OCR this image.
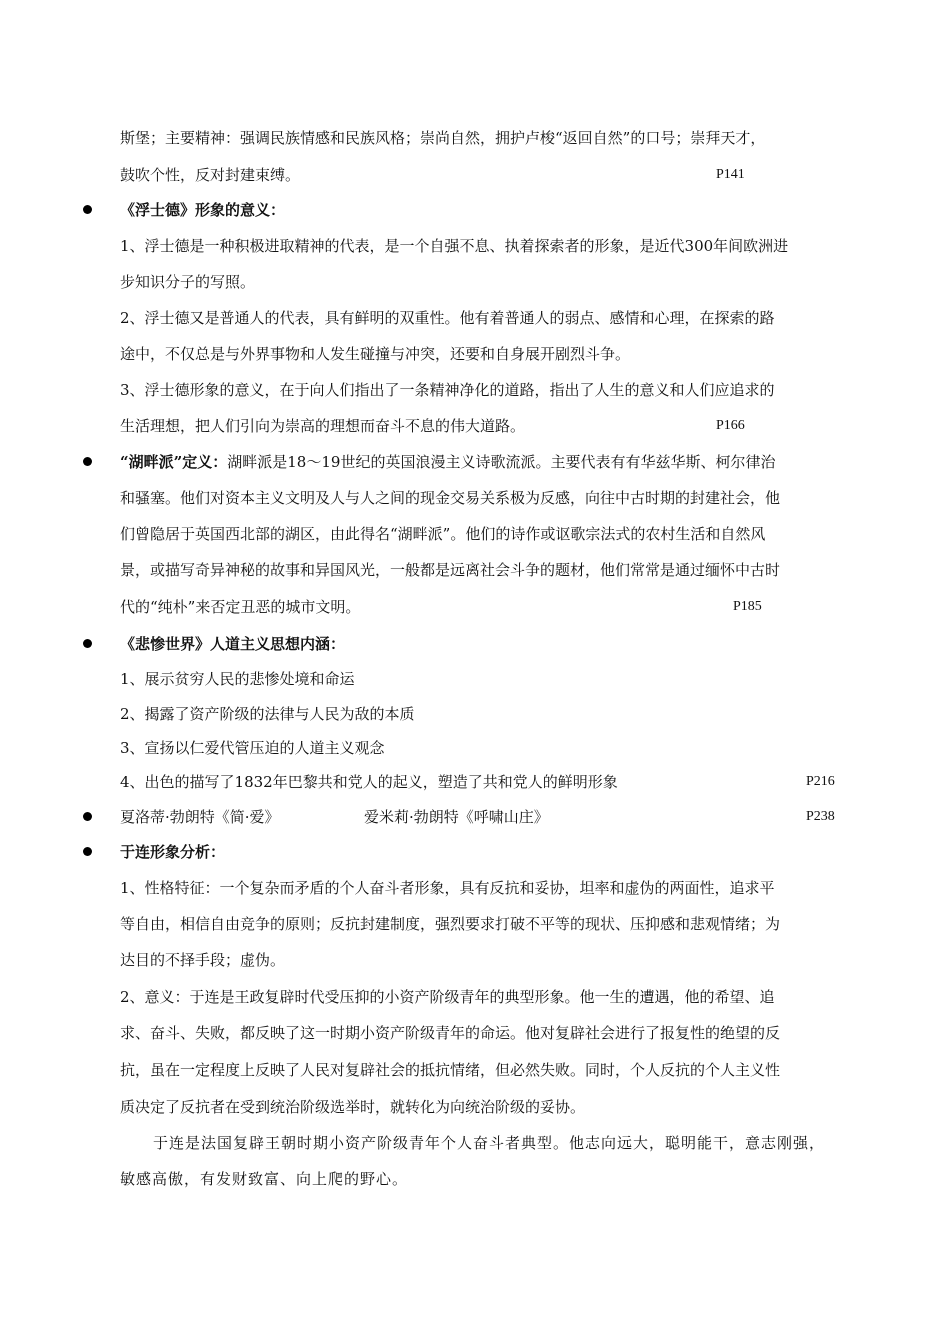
斯堡；主要精神：强调民族情感和民族风格；崇尚自然，拥护卢梭“返回自然”的口号；崇拜天才，
鼓吹个性，反对封建束缚。	P141
《浮士德》形象的意义：
1、浮士德是一种积极进取精神的代表，是一个自强不息、执着探索者的形象，是近代300年间欧洲进
步知识分子的写照。
2、浮士德又是普通人的代表，具有鲜明的双重性。他有着普通人的弱点、感情和心理，在探索的路
途中，不仅总是与外界事物和人发生碰撞与冲突，还要和自身展开剧烈斗争。
3、浮士德形象的意义，在于向人们指出了一条精神净化的道路，指出了人生的意义和人们应追求的
生活理想，把人们引向为崇高的理想而奋斗不息的伟大道路。	P166
“湖畔派”定义：湖畔派是18～19世纪的英国浪漫主义诗歌流派。主要代表有有华兹华斯、柯尔律治
和骚塞。他们对资本主义文明及人与人之间的现金交易关系极为反感，向往中古时期的封建社会，他
们曾隐居于英国西北部的湖区，由此得名“湖畔派”。他们的诗作或讴歌宗法式的农村生活和自然风
景，或描写奇异神秘的故事和异国风光，一般都是远离社会斗争的题材，他们常常是通过缅怀中古时
代的“纯朴”来否定丑恶的城市文明。	P185
《悲惨世界》人道主义思想内涵：
1、展示贫穷人民的悲惨处境和命运
2、揭露了资产阶级的法律与人民为敌的本质
3、宣扬以仁爱代管压迫的人道主义观念
4、出色的描写了1832年巴黎共和党人的起义，塑造了共和党人的鲜明形象	P216
夏洛蒂·勃朗特《简·爱》	爱米莉·勃朗特《呼啸山庄》	P238
于连形象分析：
1、性格特征：一个复杂而矛盾的个人奋斗者形象，具有反抗和妥协，坦率和虚伪的两面性，追求平
等自由，相信自由竞争的原则；反抗封建制度，强烈要求打破不平等的现状、压抑感和悲观情绪；为
达目的不择手段；虚伪。
2、意义：于连是王政复辟时代受压抑的小资产阶级青年的典型形象。他一生的遭遇，他的希望、追
求、奋斗、失败，都反映了这一时期小资产阶级青年的命运。他对复辟社会进行了报复性的绝望的反
抗，虽在一定程度上反映了人民对复辟社会的抵抗情绪，但必然失败。同时，个人反抗的个人主义性
质决定了反抗者在受到统治阶级选举时，就转化为向统治阶级的妥协。
于连是法国复辟王朝时期小资产阶级青年个人奋斗者典型。他志向远大，聪明能干，意志刚强，
敏感高傲，有发财致富、向上爬的野心。
